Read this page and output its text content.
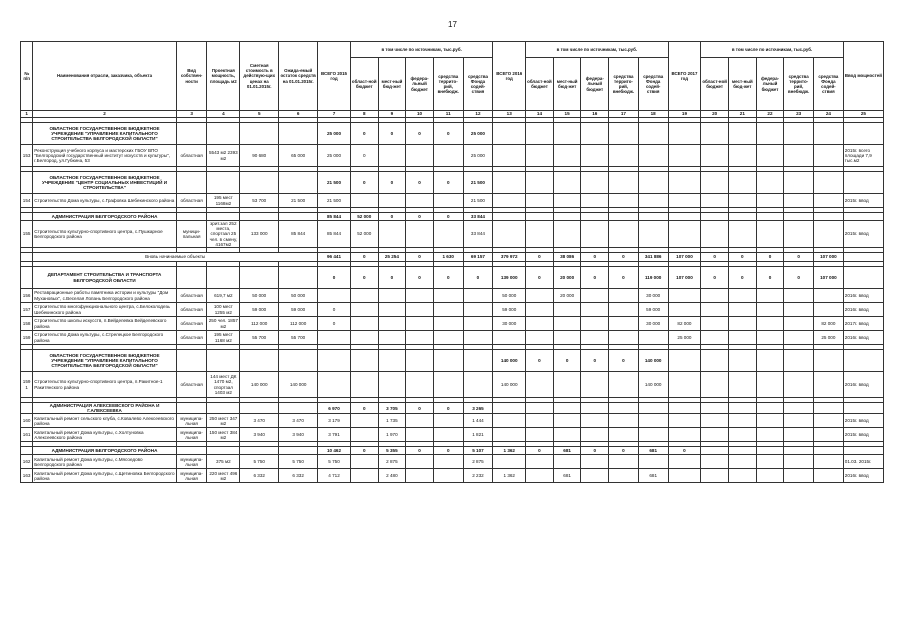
17
№ п/п	Наименования отрасли, заказчика, объекта	Вид собствен-ности	Проектная мощность, площадь м2	Сметная стоимость в действую-щих ценах на 01.01.2015г.	Ожида-емый остаток средств на 01.01.2015г.	ВСЕГО 2015 год	в том числе по источникам, тыс.руб.					ВСЕГО 2016 год	в том числе по источникам, тыс.руб.					ВСЕГО 2017 год	в том числе по источникам, тыс.руб.					Ввод мощностей
							област-ной бюджет	мест-ный бюд-жет	федера-льный бюджет	средства террито-рий, внебюдж.	средства Фонда содей-ствия		област-ной бюджет	мест-ный бюд-жет	федера-льный бюджет	средства террито-рий, внебюдж.	средства Фонда содей-ствия		област-ной бюджет	мест-ный бюд-жет	федера-льный бюджет	средства террито-рий, внебюдж.	средства Фонда содей-ствия	
1	2	3	4	5	6	7	8	9	10	11	12	13	14	15	16	17	18	19	20	21	22	23	24	25

	ОБЛАСТНОЕ ГОСУДАРСТВЕННОЕ БЮДЖЕТНОЕ УЧРЕЖДЕНИЕ "УПРАВЛЕНИЕ КАПИТАЛЬНОГО СТРОИТЕЛЬСТВА БЕЛГОРОДСКОЙ ОБЛАСТИ"					25 000	0	0	0	0	25 000													
153	Реконструкция учебного корпуса и мастерских ГБОУ ВПО "Белгородский государственный институт искусств и культуры", г.Белгород, ул.Губкина, 53	областная	5543 м2 2393 м2	90 680	65 000	25 000	0				25 000													2015г. всего площади 7,9 тыс.м2

	ОБЛАСТНОЕ ГОСУДАРСТВЕННОЕ БЮДЖЕТНОЕ УЧРЕЖДЕНИЕ "ЦЕНТР СОЦИАЛЬНЫХ ИНВЕСТИЦИЙ И СТРОИТЕЛЬСТВА"					21 500	0	0	0	0	21 500													
154	Строительство Дома культуры, с.Графовка Шебекинского района	областная	195 мест 1168м2	53 700	21 500	21 500					21 500													2015г. ввод

	АДМИНИСТРАЦИЯ БЕЛГОРОДСКОГО РАЙОНА					85 844	52 000	0	0	0	33 844													
155	Строительство культурно-спортивного центра, с.Пушкарное Белгородского района	муници-пальная	зрит.зал 252 места, спортзал 25 чел. в смену, 4167м2	133 000	85 844	85 844	52 000				33 844													2015г. ввод

	Вновь начинаемые объекты					96 441	0	25 254	0	1 630	69 157	379 972	0	38 086	0	0	341 886	107 000	0	0	0	0	107 000	

	ДЕПАРТАМЕНТ СТРОИТЕЛЬСТВА И ТРАНСПОРТА БЕЛГОРОДСКОЙ ОБЛАСТИ					0	0	0	0	0	0	139 000	0	20 000	0	0	119 000	107 000	0	0	0	0	107 000	
156	Реставрационные работы памятника истории и культуры "Дом Мухановых", с.Веселая Лопань Белгородского района	областная	619,7 м2	50 000	50 000							50 000		20 000			30 000							2016г. ввод
157	Строительство многофункционального центра, с.Белоколодезь Шебекинского района	областная	100 мест 1255 м2	59 000	59 000	0						59 000					59 000							2016г. ввод
158	Строительство школы искусств, п.Вейделевка Вейделевского района	областная	250 чел. 1857 м2	112 000	112 000	0						30 000					30 000	82 000					82 000	2017г. ввод
159	Строительство Дома культуры, с.Стрелецкое Белгородского района	областная	195 мест 1168 м2	55 700	55 700													25 000					25 000	2016г. ввод

	ОБЛАСТНОЕ ГОСУДАРСТВЕННОЕ БЮДЖЕТНОЕ УЧРЕЖДЕНИЕ "УПРАВЛЕНИЕ КАПИТАЛЬНОГО СТРОИТЕЛЬСТВА БЕЛГОРОДСКОЙ ОБЛАСТИ"											140 000	0	0	0	0	140 000							
159 1	Строительство культурно-спортивного центра, п.Ракитное-1 Ракитянского района	областная	144 мест ДК 1470 м2, спортзал 1403 м2	140 000	140 000							140 000					140 000							2016г. ввод

	АДМИНИСТРАЦИЯ АЛЕКСЕЕВСКОГО РАЙОНА И Г.АЛЕКСЕЕВКА					6 970	0	3 705	0	0	3 265													
160	Капитальный ремонт сельского клуба, с.Ковалево Алексеевского района	муниципа-льная	250 мест 347 м2	3 470	3 470	3 179		1 735			1 444													2015г. ввод
161	Капитальный ремонт Дома культуры, с.Холтуновка Алексеевского района	муниципа-льная	150 мест 384 м2	3 940	3 940	3 791		1 970			1 821													2015г. ввод

	АДМИНИСТРАЦИЯ БЕЛГОРОДСКОГО РАЙОНА					10 462	0	5 355	0	0	5 107	1 362	0	681	0	0	681	0						
162	Капитальный ремонт Дома культуры, с.Мясоедово Белгородского района	муниципа-льная	375 м2	5 750	5 750	5 750		2 875			2 875													01.03. 2015г.
163	Капитальный ремонт Дома культуры, с.Щетиновка Белгородского района	муниципа-льная	220 мест 496 м2	6 332	6 332	4 712		2 480			2 232	1 362		681			681							2016г. ввод
